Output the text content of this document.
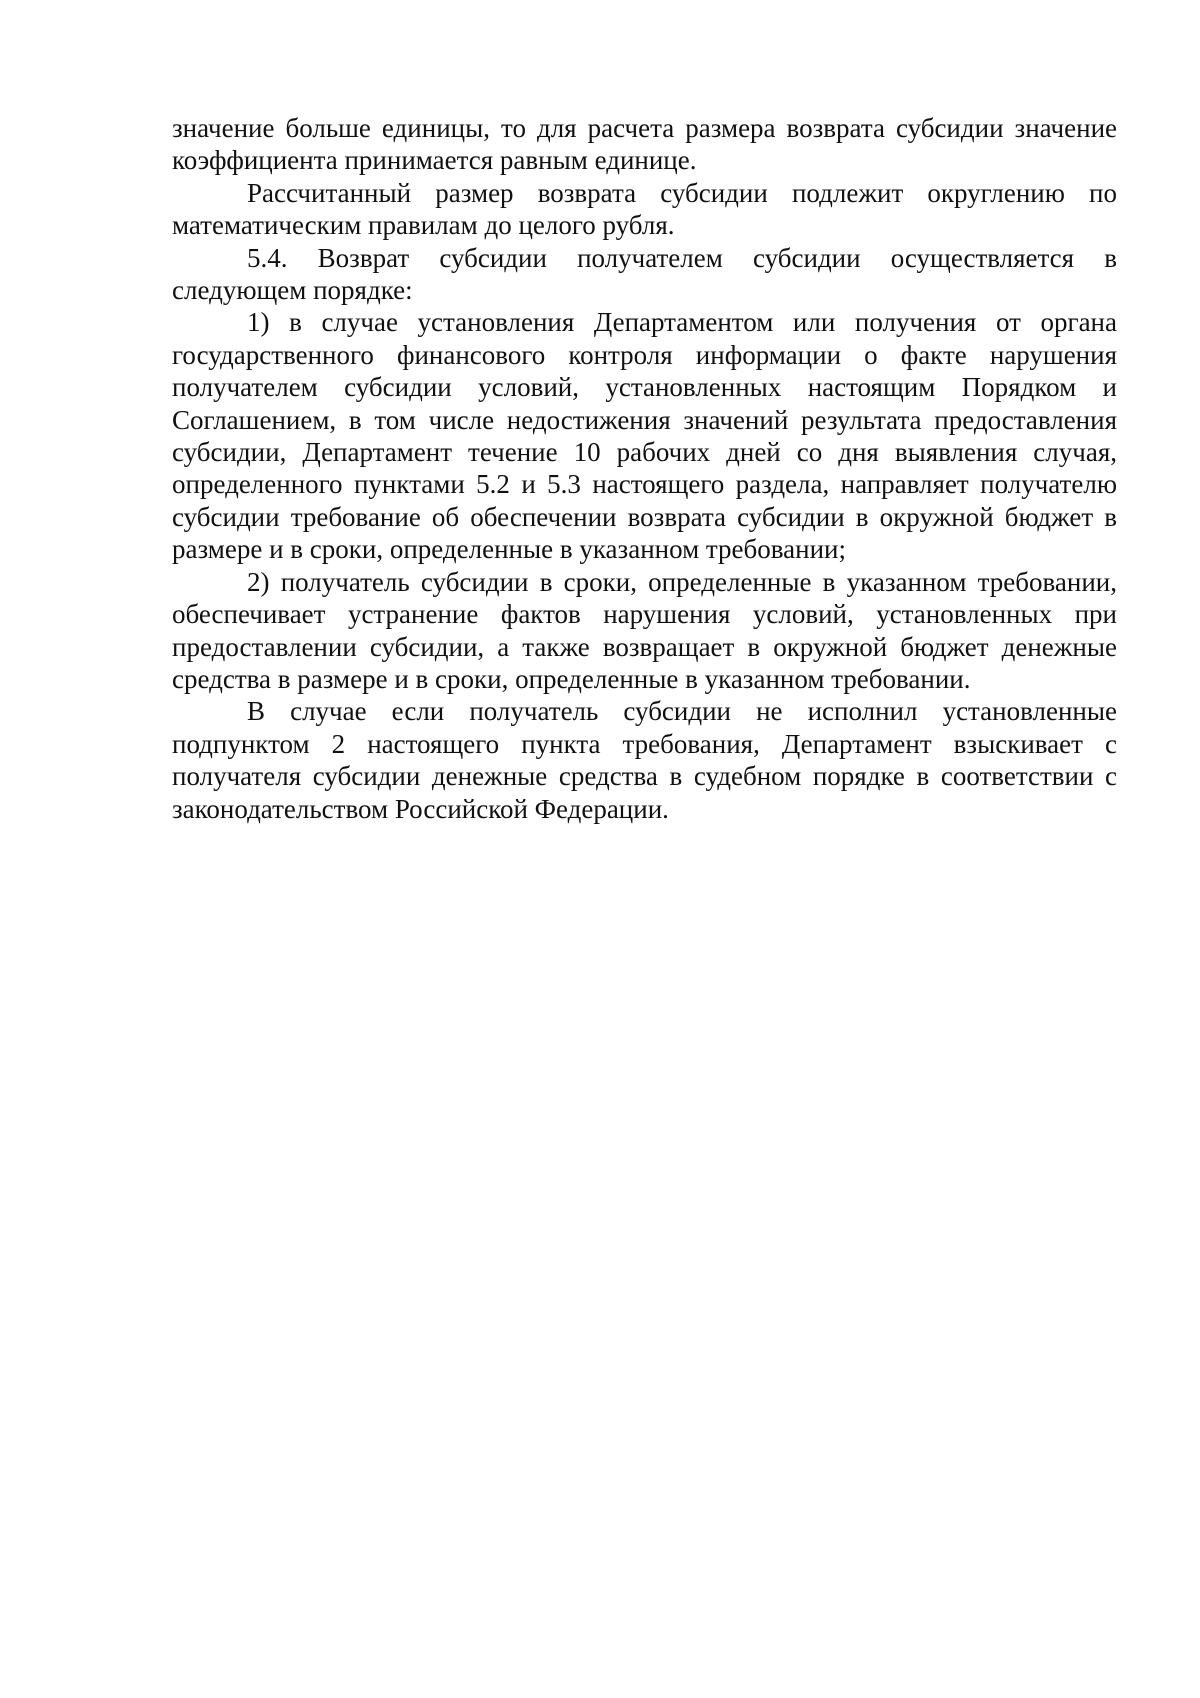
значение больше единицы, то для расчета размера возврата субсидии значение коэффициента принимается равным единице.

Рассчитанный размер возврата субсидии подлежит округлению по математическим правилам до целого рубля.

5.4. Возврат субсидии получателем субсидии осуществляется в следующем порядке:

1) в случае установления Департаментом или получения от органа государственного финансового контроля информации о факте нарушения получателем субсидии условий, установленных настоящим Порядком и Соглашением, в том числе недостижения значений результата предоставления субсидии, Департамент течение 10 рабочих дней со дня выявления случая, определенного пунктами 5.2 и 5.3 настоящего раздела, направляет получателю субсидии требование об обеспечении возврата субсидии в окружной бюджет в размере и в сроки, определенные в указанном требовании;

2) получатель субсидии в сроки, определенные в указанном требовании, обеспечивает устранение фактов нарушения условий, установленных при предоставлении субсидии, а также возвращает в окружной бюджет денежные средства в размере и в сроки, определенные в указанном требовании.

В случае если получатель субсидии не исполнил установленные подпунктом 2 настоящего пункта требования, Департамент взыскивает с получателя субсидии денежные средства в судебном порядке в соответствии с законодательством Российской Федерации.
